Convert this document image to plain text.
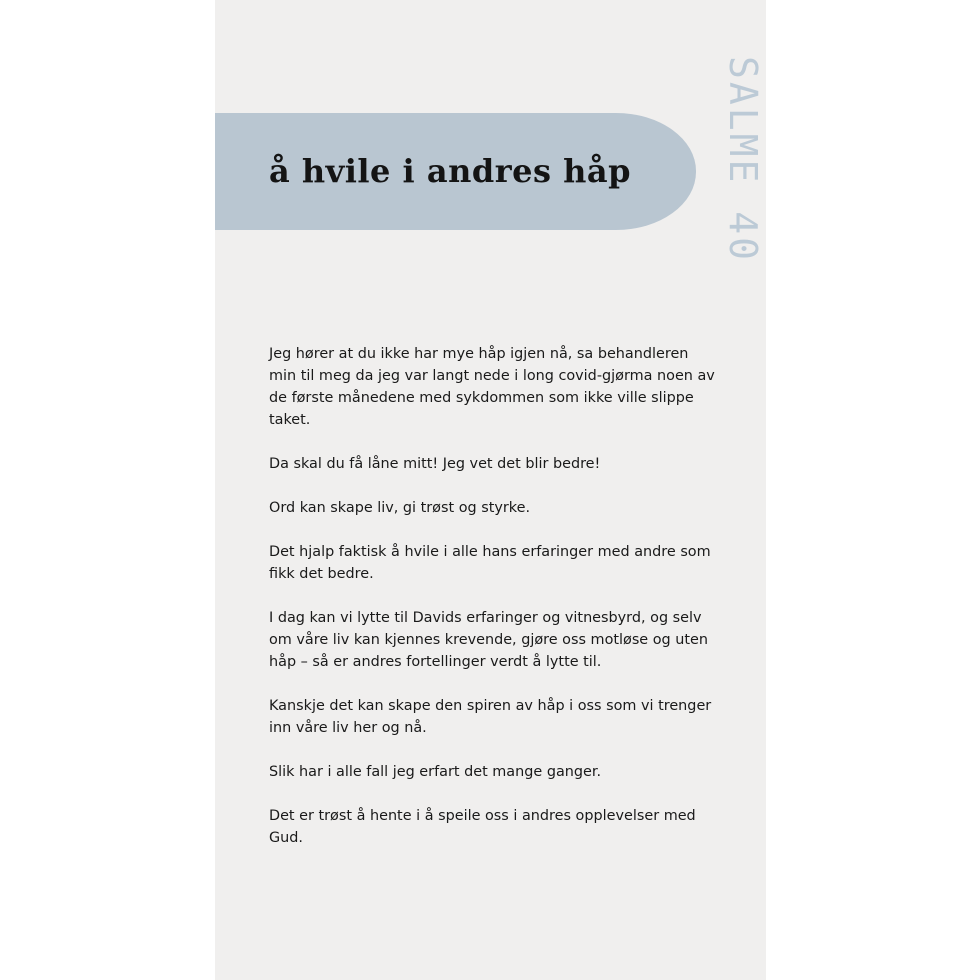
å hvile i andres håp SALME 40

Jeg hører at du ikke har mye håp igjen nå, sa behandleren min til meg da jeg var langt nede i long covid-gjørma noen av de første månedene med sykdommen som ikke ville slippe taket.

Da skal du få låne mitt! Jeg vet det blir bedre!

Ord kan skape liv, gi trøst og styrke.

Det hjalp faktisk å hvile i alle hans erfaringer med andre som fikk det bedre.

I dag kan vi lytte til Davids erfaringer og vitnesbyrd, og selv om våre liv kan kjennes krevende, gjøre oss motløse og uten håp – så er andres fortellinger verdt å lytte til.

Kanskje det kan skape den spiren av håp i oss som vi trenger inn våre liv her og nå.

Slik har i alle fall jeg erfart det mange ganger.

Det er trøst å hente i å speile oss i andres opplevelser med Gud.
